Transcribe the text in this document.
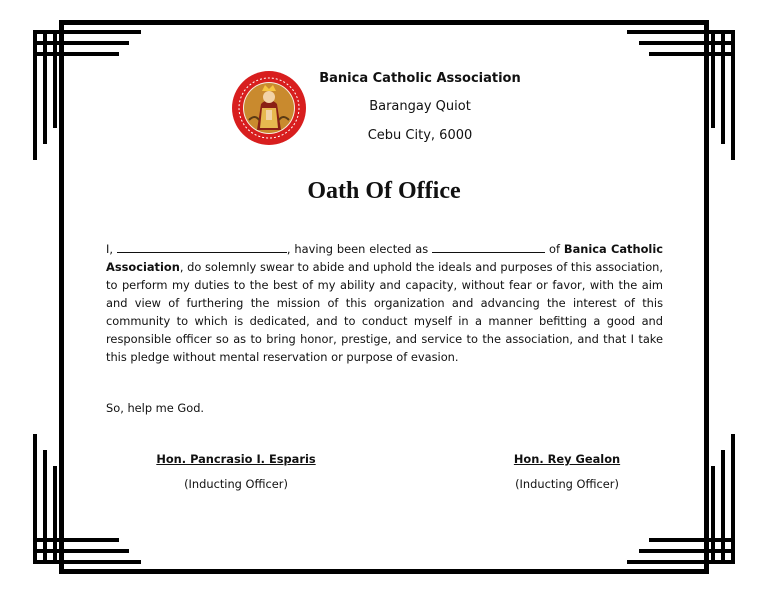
Banica Catholic Association
Barangay Quiot
Cebu City, 6000
Oath Of Office

I,	, having been elected as	of Banica Catholic Association, do solemnly swear to abide and uphold the ideals and purposes of this association, to perform my duties to the best of my ability and capacity, without fear or favor, with the aim and view of furthering the mission of this organization and advancing the interest of this community to which is dedicated, and to conduct myself in a manner befitting a good and responsible officer so as to bring honor, prestige, and service to the association, and that I take this pledge without mental reservation or purpose of evasion.

So, help me God.
Hon. Pancrasio I. Esparis
(Inducting Officer)
Hon. Rey Gealon
(Inducting Officer)
